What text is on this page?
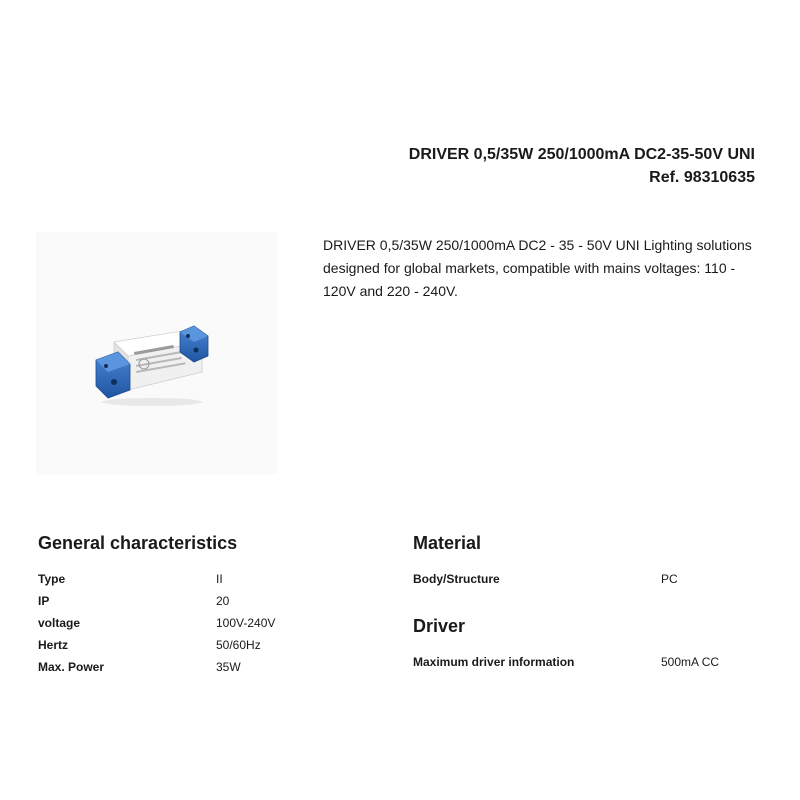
DRIVER 0,5/35W 250/1000mA DC2-35-50V UNI

Ref. 98310635

DRIVER 0,5/35W 250/1000mA DC2 - 35 - 50V UNI Lighting solutions designed for global markets, compatible with mains voltages: 110 - 120V and 220 - 240V.

General characteristics
Type	II
IP	20
voltage	100V-240V
Hertz	50/60Hz
Max. Power	35W
Material
Body/Structure	PC
Driver
Maximum driver information	500mA CC
